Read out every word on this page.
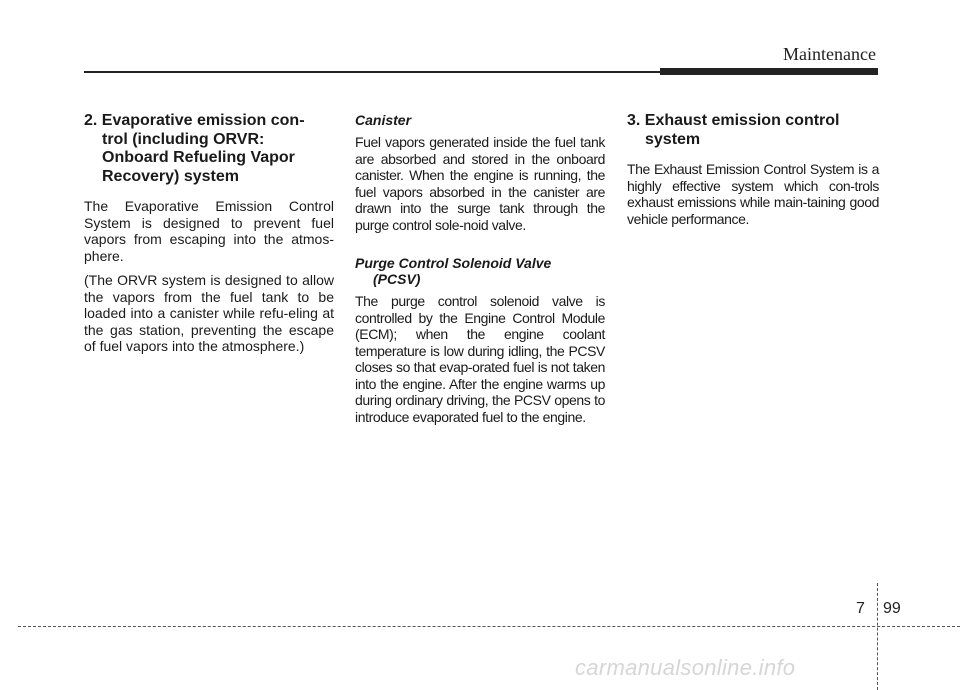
Maintenance
2. Evaporative emission con-
trol (including ORVR:
Onboard Refueling Vapor
Recovery) system

The Evaporative Emission Control System is designed to prevent fuel vapors from escaping into the atmos-phere.

(The ORVR system is designed to allow the vapors from the fuel tank to be loaded into a canister while refu-eling at the gas station, preventing the escape of fuel vapors into the atmosphere.)

Canister

Fuel vapors generated inside the fuel tank are absorbed and stored in the onboard canister. When the engine is running, the fuel vapors absorbed in the canister are drawn into the surge tank through the purge control sole-noid valve.

Purge Control Solenoid Valve
(PCSV)

The purge control solenoid valve is controlled by the Engine Control Module (ECM); when the engine coolant temperature is low during idling, the PCSV closes so that evap-orated fuel is not taken into the engine. After the engine warms up during ordinary driving, the PCSV opens to introduce evaporated fuel to the engine.

3. Exhaust emission control
system

The Exhaust Emission Control System is a highly effective system which con-trols exhaust emissions while main-taining good vehicle performance.

7 99
carmanualsonline.info
